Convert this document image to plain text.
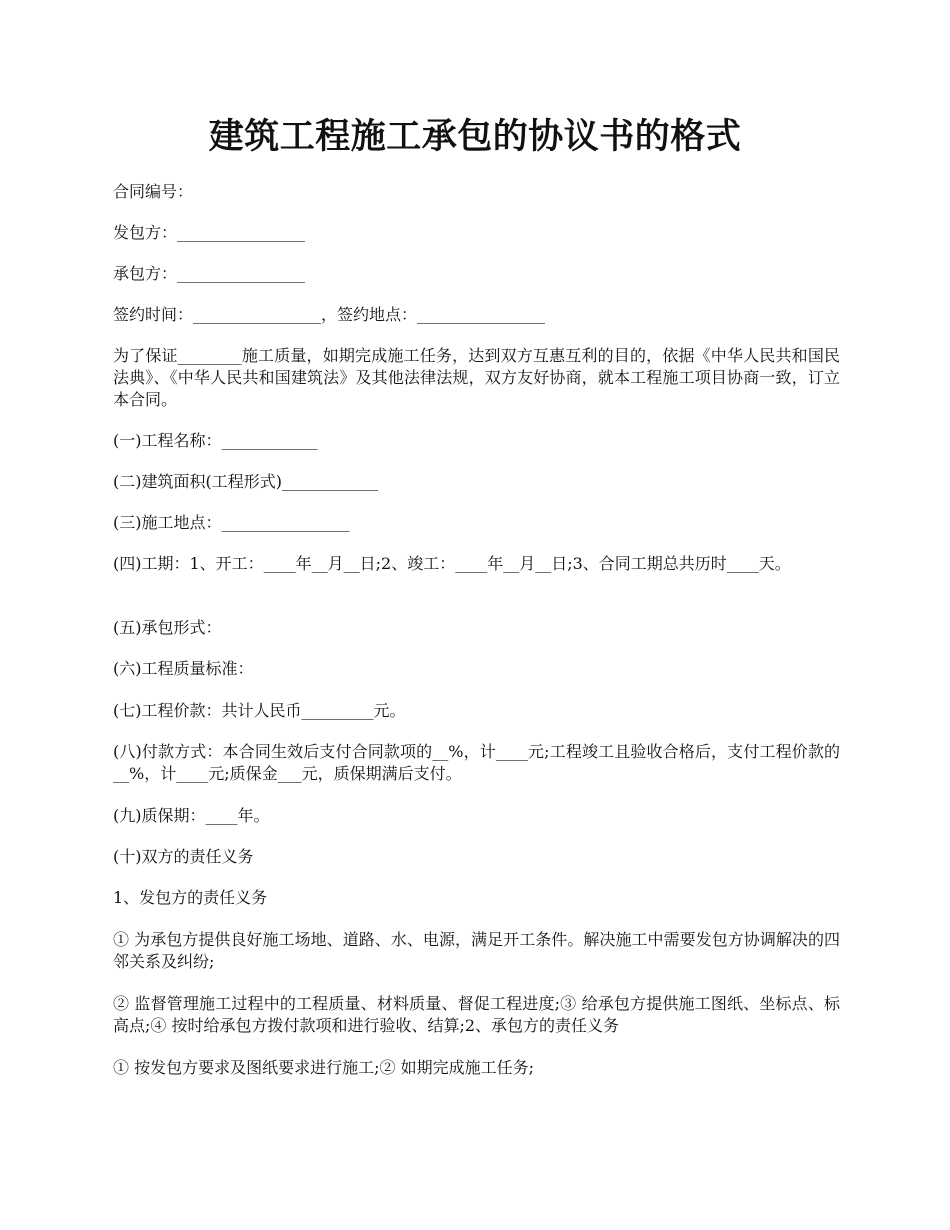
建筑工程施工承包的协议书的格式

合同编号：

发包方：________________

承包方：________________

签约时间：________________，签约地点：________________

为了保证________施工质量，如期完成施工任务，达到双方互惠互利的目的，依据《中华人民共和国民法典》、《中华人民共和国建筑法》及其他法律法规，双方友好协商，就本工程施工项目协商一致，订立本合同。

(一)工程名称：____________

(二)建筑面积(工程形式)____________

(三)施工地点：________________

(四)工期：1、开工：____年__月__日;2、竣工：____年__月__日;3、合同工期总共历时____天。

(五)承包形式：

(六)工程质量标准：

(七)工程价款：共计人民币_________元。

(八)付款方式：本合同生效后支付合同款项的__%，计____元;工程竣工且验收合格后，支付工程价款的__%，计____元;质保金___元，质保期满后支付。

(九)质保期：____年。

(十)双方的责任义务

1、发包方的责任义务

① 为承包方提供良好施工场地、道路、水、电源，满足开工条件。解决施工中需要发包方协调解决的四邻关系及纠纷;

② 监督管理施工过程中的工程质量、材料质量、督促工程进度;③ 给承包方提供施工图纸、坐标点、标高点;④ 按时给承包方拨付款项和进行验收、结算;2、承包方的责任义务

① 按发包方要求及图纸要求进行施工;② 如期完成施工任务;
